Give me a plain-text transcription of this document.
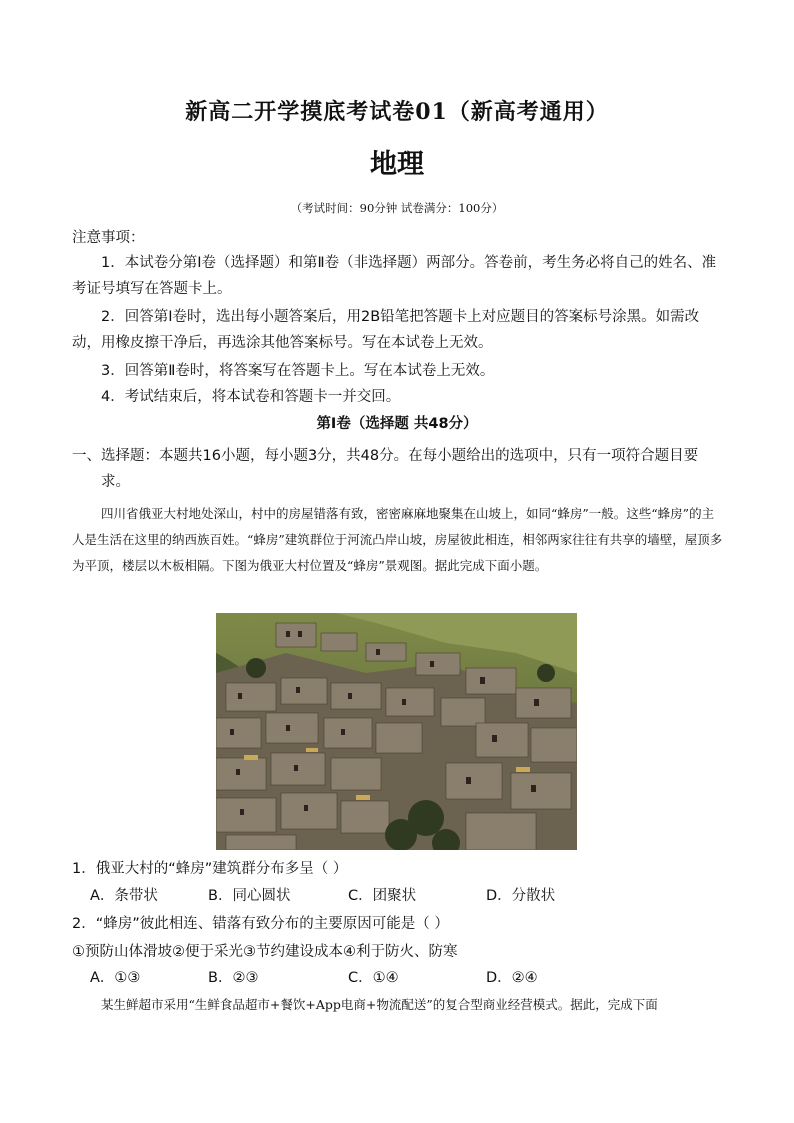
新高二开学摸底考试卷01（新高考通用）
地理
（考试时间：90分钟 试卷满分：100分）
注意事项：
1．本试卷分第Ⅰ卷（选择题）和第Ⅱ卷（非选择题）两部分。答卷前，考生务必将自己的姓名、准考证号填写在答题卡上。
2．回答第Ⅰ卷时，选出每小题答案后，用2B铅笔把答题卡上对应题目的答案标号涂黑。如需改动，用橡皮擦干净后，再选涂其他答案标号。写在本试卷上无效。
3．回答第Ⅱ卷时，将答案写在答题卡上。写在本试卷上无效。
4．考试结束后，将本试卷和答题卡一并交回。
第Ⅰ卷（选择题 共48分）
一、选择题：本题共16小题，每小题3分，共48分。在每小题给出的选项中，只有一项符合题目要
求。
四川省俄亚大村地处深山，村中的房屋错落有致，密密麻麻地聚集在山坡上，如同“蜂房”一般。这些“蜂房”的主人是生活在这里的纳西族百姓。“蜂房”建筑群位于河流凸岸山坡，房屋彼此相连，相邻两家往往有共享的墙壁，屋顶多为平顶，楼层以木板相隔。下图为俄亚大村位置及“蜂房”景观图。据此完成下面小题。
1．俄亚大村的“蜂房”建筑群分布多呈（ ）
A．条带状	B．同心圆状	C．团聚状	D．分散状
2．“蜂房”彼此相连、错落有致分布的主要原因可能是（ ）
①预防山体滑坡②便于采光③节约建设成本④利于防火、防寒
A．①③	B．②③	C．①④	D．②④
某生鲜超市采用“生鲜食品超市+餐饮+App电商+物流配送”的复合型商业经营模式。据此，完成下面
